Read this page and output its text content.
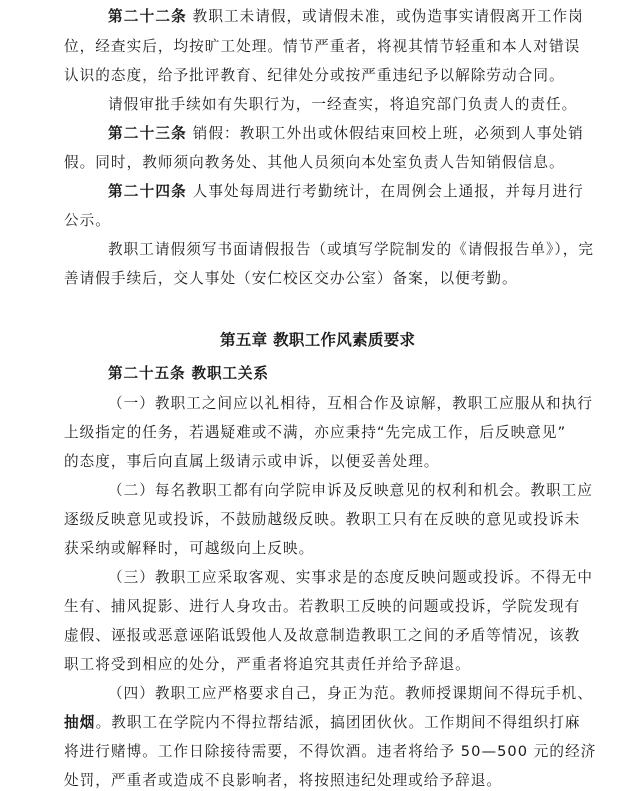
第二十二条 教职工未请假，或请假未准，或伪造事实请假离开工作岗
位，经查实后，均按旷工处理。情节严重者，将视其情节轻重和本人对错误
认识的态度，给予批评教育、纪律处分或按严重违纪予以解除劳动合同。
请假审批手续如有失职行为，一经查实，将追究部门负责人的责任。
第二十三条 销假：教职工外出或休假结束回校上班，必须到人事处销
假。同时，教师须向教务处、其他人员须向本处室负责人告知销假信息。
第二十四条 人事处每周进行考勤统计，在周例会上通报，并每月进行
公示。
教职工请假须写书面请假报告（或填写学院制发的《请假报告单》），完
善请假手续后，交人事处（安仁校区交办公室）备案，以便考勤。
第五章 教职工作风素质要求
第二十五条 教职工关系
（一）教职工之间应以礼相待，互相合作及谅解，教职工应服从和执行
上级指定的任务，若遇疑难或不满，亦应秉持“先完成工作，后反映意见”
的态度，事后向直属上级请示或申诉，以便妥善处理。
（二）每名教职工都有向学院申诉及反映意见的权利和机会。教职工应
逐级反映意见或投诉，不鼓励越级反映。教职工只有在反映的意见或投诉未
获采纳或解释时，可越级向上反映。
（三）教职工应采取客观、实事求是的态度反映问题或投诉。不得无中
生有、捕风捉影、进行人身攻击。若教职工反映的问题或投诉，学院发现有
虚假、诬报或恶意诬陷诋毁他人及故意制造教职工之间的矛盾等情况，该教
职工将受到相应的处分，严重者将追究其责任并给予辞退。
（四）教职工应严格要求自己，身正为范。教师授课期间不得玩手机、
抽烟。教职工在学院内不得拉帮结派，搞团团伙伙。工作期间不得组织打麻
将进行赌博。工作日除接待需要，不得饮酒。违者将给予 50—500 元的经济
处罚，严重者或造成不良影响者，将按照违纪处理或给予辞退。
